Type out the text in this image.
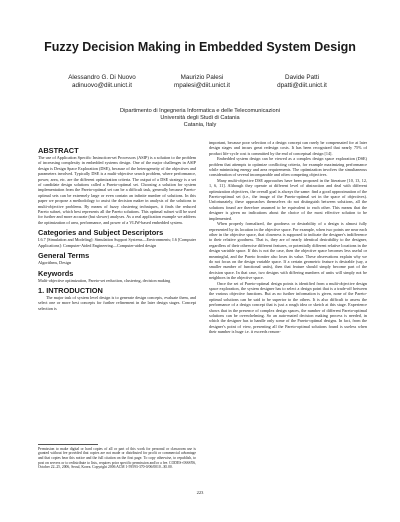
Fuzzy Decision Making in Embedded System Design
Alessandro G. Di Nuovo
adinuovo@diit.unict.it
Maurizio Palesi
mpalesi@diit.unict.it
Davide Patti
dpatti@diit.unict.it
Dipartimento di Ingegneria Informatica e delle Telecomunicazioni
Università degli Studi di Catania
Catania, Italy
ABSTRACT

The use of Application Specific Instruction-set Processors (ASIP) is a solution to the problem of increasing complexity in embedded systems design. One of the major challenges in ASIP design is Design Space Exploration (DSE), because of the heterogeneity of the objectives and parameters involved. Typically DSE is a multi-objective search problem, where performance, power, area, etc. are the different optimization criteria. The output of a DSE strategy is a set of candidate design solutions called a Pareto-optimal set. Choosing a solution for system implementation from the Pareto-optimal set can be a difficult task, generally because Pareto-optimal sets can be extremely large or even contain an infinite number of solutions. In this paper we propose a methodology to assist the decision maker in analysis of the solutions to multi-objective problems. By means of fuzzy clustering techniques, it finds the reduced Pareto subset, which best represents all the Pareto solutions. This optimal subset will be used for further and more accurate (but slower) analyses. As a real application example we address the optimization of area, performance, and power of a VLIW-based embedded system.

Categories and Subject Descriptors

I.6.7 [Simulation and Modeling]: Simulation Support Systems—Environments; I.6 [Computer Applications]: Computer-Aided Engineering—Computer-aided design

General Terms

Algorithms, Design

Keywords

Multi-objective optimization, Pareto-set reduction, clustering, decision making

1. INTRODUCTION

The major task of system level design is to generate design concepts, evaluate them, and select one or more best concepts for further refinement in the later design stages. Concept selection is

Permission to make digital or hard copies of all or part of this work for personal or classroom use is granted without fee provided that copies are not made or distributed for profit or commercial advantage and that copies bear this notice and the full citation on the first page. To copy otherwise, to republish, to post on servers or to redistribute to lists, requires prior specific permission and/or a fee. CODES+ISSS'06, October 22–25, 2006, Seoul, Korea. Copyright 2006 ACM 1-59593-370-0/06/0010...$5.00.

important, because poor selection of a design concept can rarely be compensated for at later design stages and incurs great redesign costs. It has been recognized that nearly 75% of product life-cycle cost is committed by the end of conceptual design [14].

Embedded system design can be viewed as a complex design space exploration (DSE) problem that attempts to optimize conflicting criteria, for example maximizing performance while minimizing energy and area requirements. The optimization involves the simultaneous consideration of several incomparable and often competing objectives.

Many multi-objective DSE approaches have been proposed in the literature [10, 13, 12, 1, 6, 11]. Although they operate at different level of abstraction and deal with different optimization objectives, the overall goal is always the same: find a good approximation of the Pareto-optimal set (i.e., the image of the Pareto-optimal set in the space of objectives). Unfortunately, these approaches themselves do not distinguish between solutions, all the solutions found are therefore assumed to be equivalent to each other. This means that the designer is given no indications about the choice of the most effective solution to be implemented.

When properly formalized, the goodness or desirability of a design is almost fully represented by its location in the objective space. For example, when two points are near each other in the objective space, that closeness is supposed to indicate the designer's indifference to their relative goodness. That is, they are of nearly identical desirability to the designer, regardless of their otherwise different features, or potentially different relative locations in the design variable space. If this is not the case, then the objective space becomes less useful or meaningful, and the Pareto frontier also loses its value. These observations explain why we do not focus on the design variable space. If a certain geometric feature is desirable (say, a smaller number of functional units), then that feature should simply become part of the decision space. In that case, two designs with differing numbers of units will simply not be neighbors in the objective space.

Once the set of Pareto-optimal design points is identified from a multi-objective design space exploration, the system designer has to select a design point that is a trade-off between the various objective functions. But as no further information is given, none of the Pareto-optimal solutions can be said to be superior to the others. It is also difficult to assess the performance of a design concept that is just a rough idea or sketch at this stage. Experience shows that in the presence of complex design spaces, the number of different Pareto-optimal solutions can be overwhelming. So an auto-mated decision making process is needed, in which the designer has to handle only some of the Pareto-optimal designs. In fact, from the designer's point of view, presenting all the Pareto-optimal solutions found is useless when their number is huge i.e. it exceeds reason-

223
